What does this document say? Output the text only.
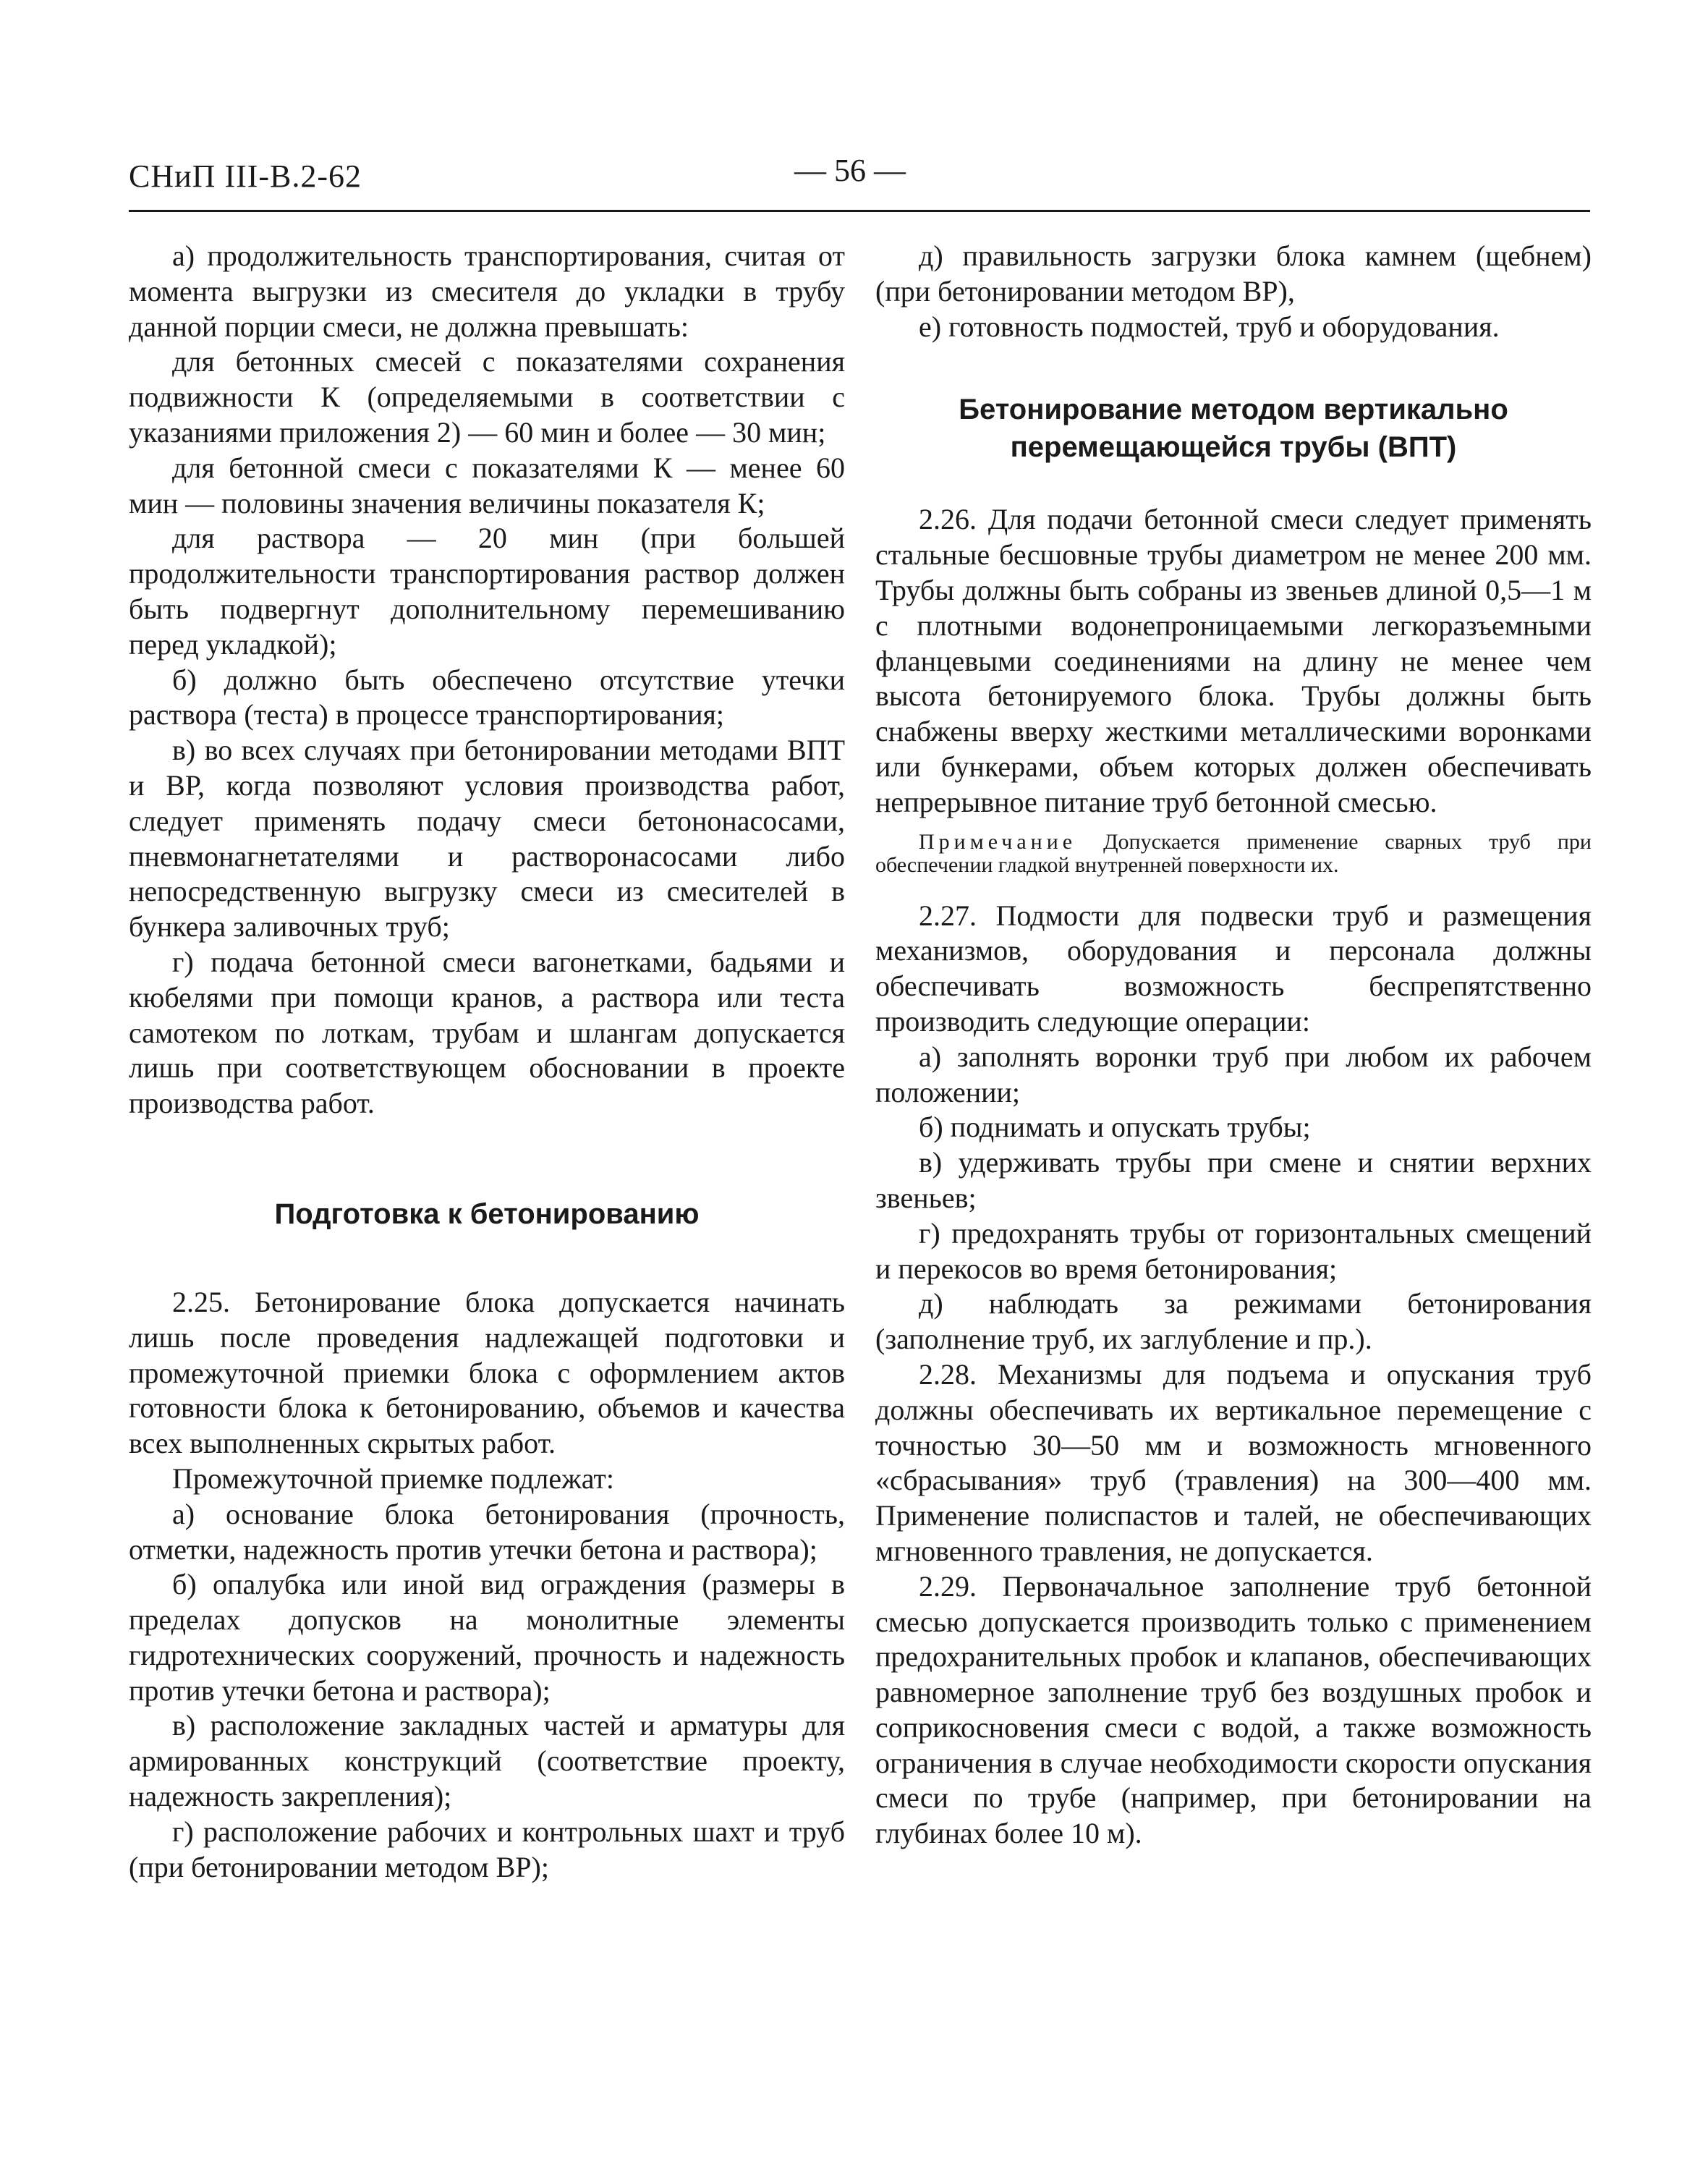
СНиП III-В.2-62	— 56 —

а) продолжительность транспортирования, считая от момента выгрузки из смесителя до укладки в трубу данной порции смеси, не должна превышать:

для бетонных смесей с показателями сохранения подвижности К (определяемыми в соответствии с указаниями приложения 2) — 60 мин и более — 30 мин;

для бетонной смеси с показателями К — менее 60 мин — половины значения величины показателя К;

для раствора — 20 мин (при большей продолжительности транспортирования раствор должен быть подвергнут дополнительному перемешиванию перед укладкой);

б) должно быть обеспечено отсутствие утечки раствора (теста) в процессе транспортирования;

в) во всех случаях при бетонировании методами ВПТ и ВР, когда позволяют условия производства работ, следует применять подачу смеси бетононасосами, пневмонагнетателями и растворонасосами либо непосредственную выгрузку смеси из смесителей в бункера заливочных труб;

г) подача бетонной смеси вагонетками, бадьями и кюбелями при помощи кранов, а раствора или теста самотеком по лоткам, трубам и шлангам допускается лишь при соответствующем обосновании в проекте производства работ.

Подготовка к бетонированию

2.25. Бетонирование блока допускается начинать лишь после проведения надлежащей подготовки и промежуточной приемки блока с оформлением актов готовности блока к бетонированию, объемов и качества всех выполненных скрытых работ.

Промежуточной приемке подлежат:

а) основание блока бетонирования (прочность, отметки, надежность против утечки бетона и раствора);

б) опалубка или иной вид ограждения (размеры в пределах допусков на монолитные элементы гидротехнических сооружений, прочность и надежность против утечки бетона и раствора);

в) расположение закладных частей и арматуры для армированных конструкций (соответствие проекту, надежность закрепления);

г) расположение рабочих и контрольных шахт и труб (при бетонировании методом ВР);

д) правильность загрузки блока камнем (щебнем) (при бетонировании методом ВР),

е) готовность подмостей, труб и оборудования.

Бетонирование методом вертикально
перемещающейся трубы (ВПТ)

2.26. Для подачи бетонной смеси следует применять стальные бесшовные трубы диаметром не менее 200 мм. Трубы должны быть собраны из звеньев длиной 0,5—1 м с плотными водонепроницаемыми легкоразъемными фланцевыми соединениями на длину не менее чем высота бетонируемого блока. Трубы должны быть снабжены вверху жесткими металлическими воронками или бункерами, объем которых должен обеспечивать непрерывное питание труб бетонной смесью.

Примечание Допускается применение сварных труб при обеспечении гладкой внутренней поверхности их.

2.27. Подмости для подвески труб и размещения механизмов, оборудования и персонала должны обеспечивать возможность беспрепятственно производить следующие операции:

а) заполнять воронки труб при любом их рабочем положении;

б) поднимать и опускать трубы;

в) удерживать трубы при смене и снятии верхних звеньев;

г) предохранять трубы от горизонтальных смещений и перекосов во время бетонирования;

д) наблюдать за режимами бетонирования (заполнение труб, их заглубление и пр.).

2.28. Механизмы для подъема и опускания труб должны обеспечивать их вертикальное перемещение с точностью 30—50 мм и возможность мгновенного «сбрасывания» труб (травления) на 300—400 мм. Применение полиспастов и талей, не обеспечивающих мгновенного травления, не допускается.

2.29. Первоначальное заполнение труб бетонной смесью допускается производить только с применением предохранительных пробок и клапанов, обеспечивающих равномерное заполнение труб без воздушных пробок и соприкосновения смеси с водой, а также возможность ограничения в случае необходимости скорости опускания смеси по трубе (например, при бетонировании на глубинах более 10 м).
